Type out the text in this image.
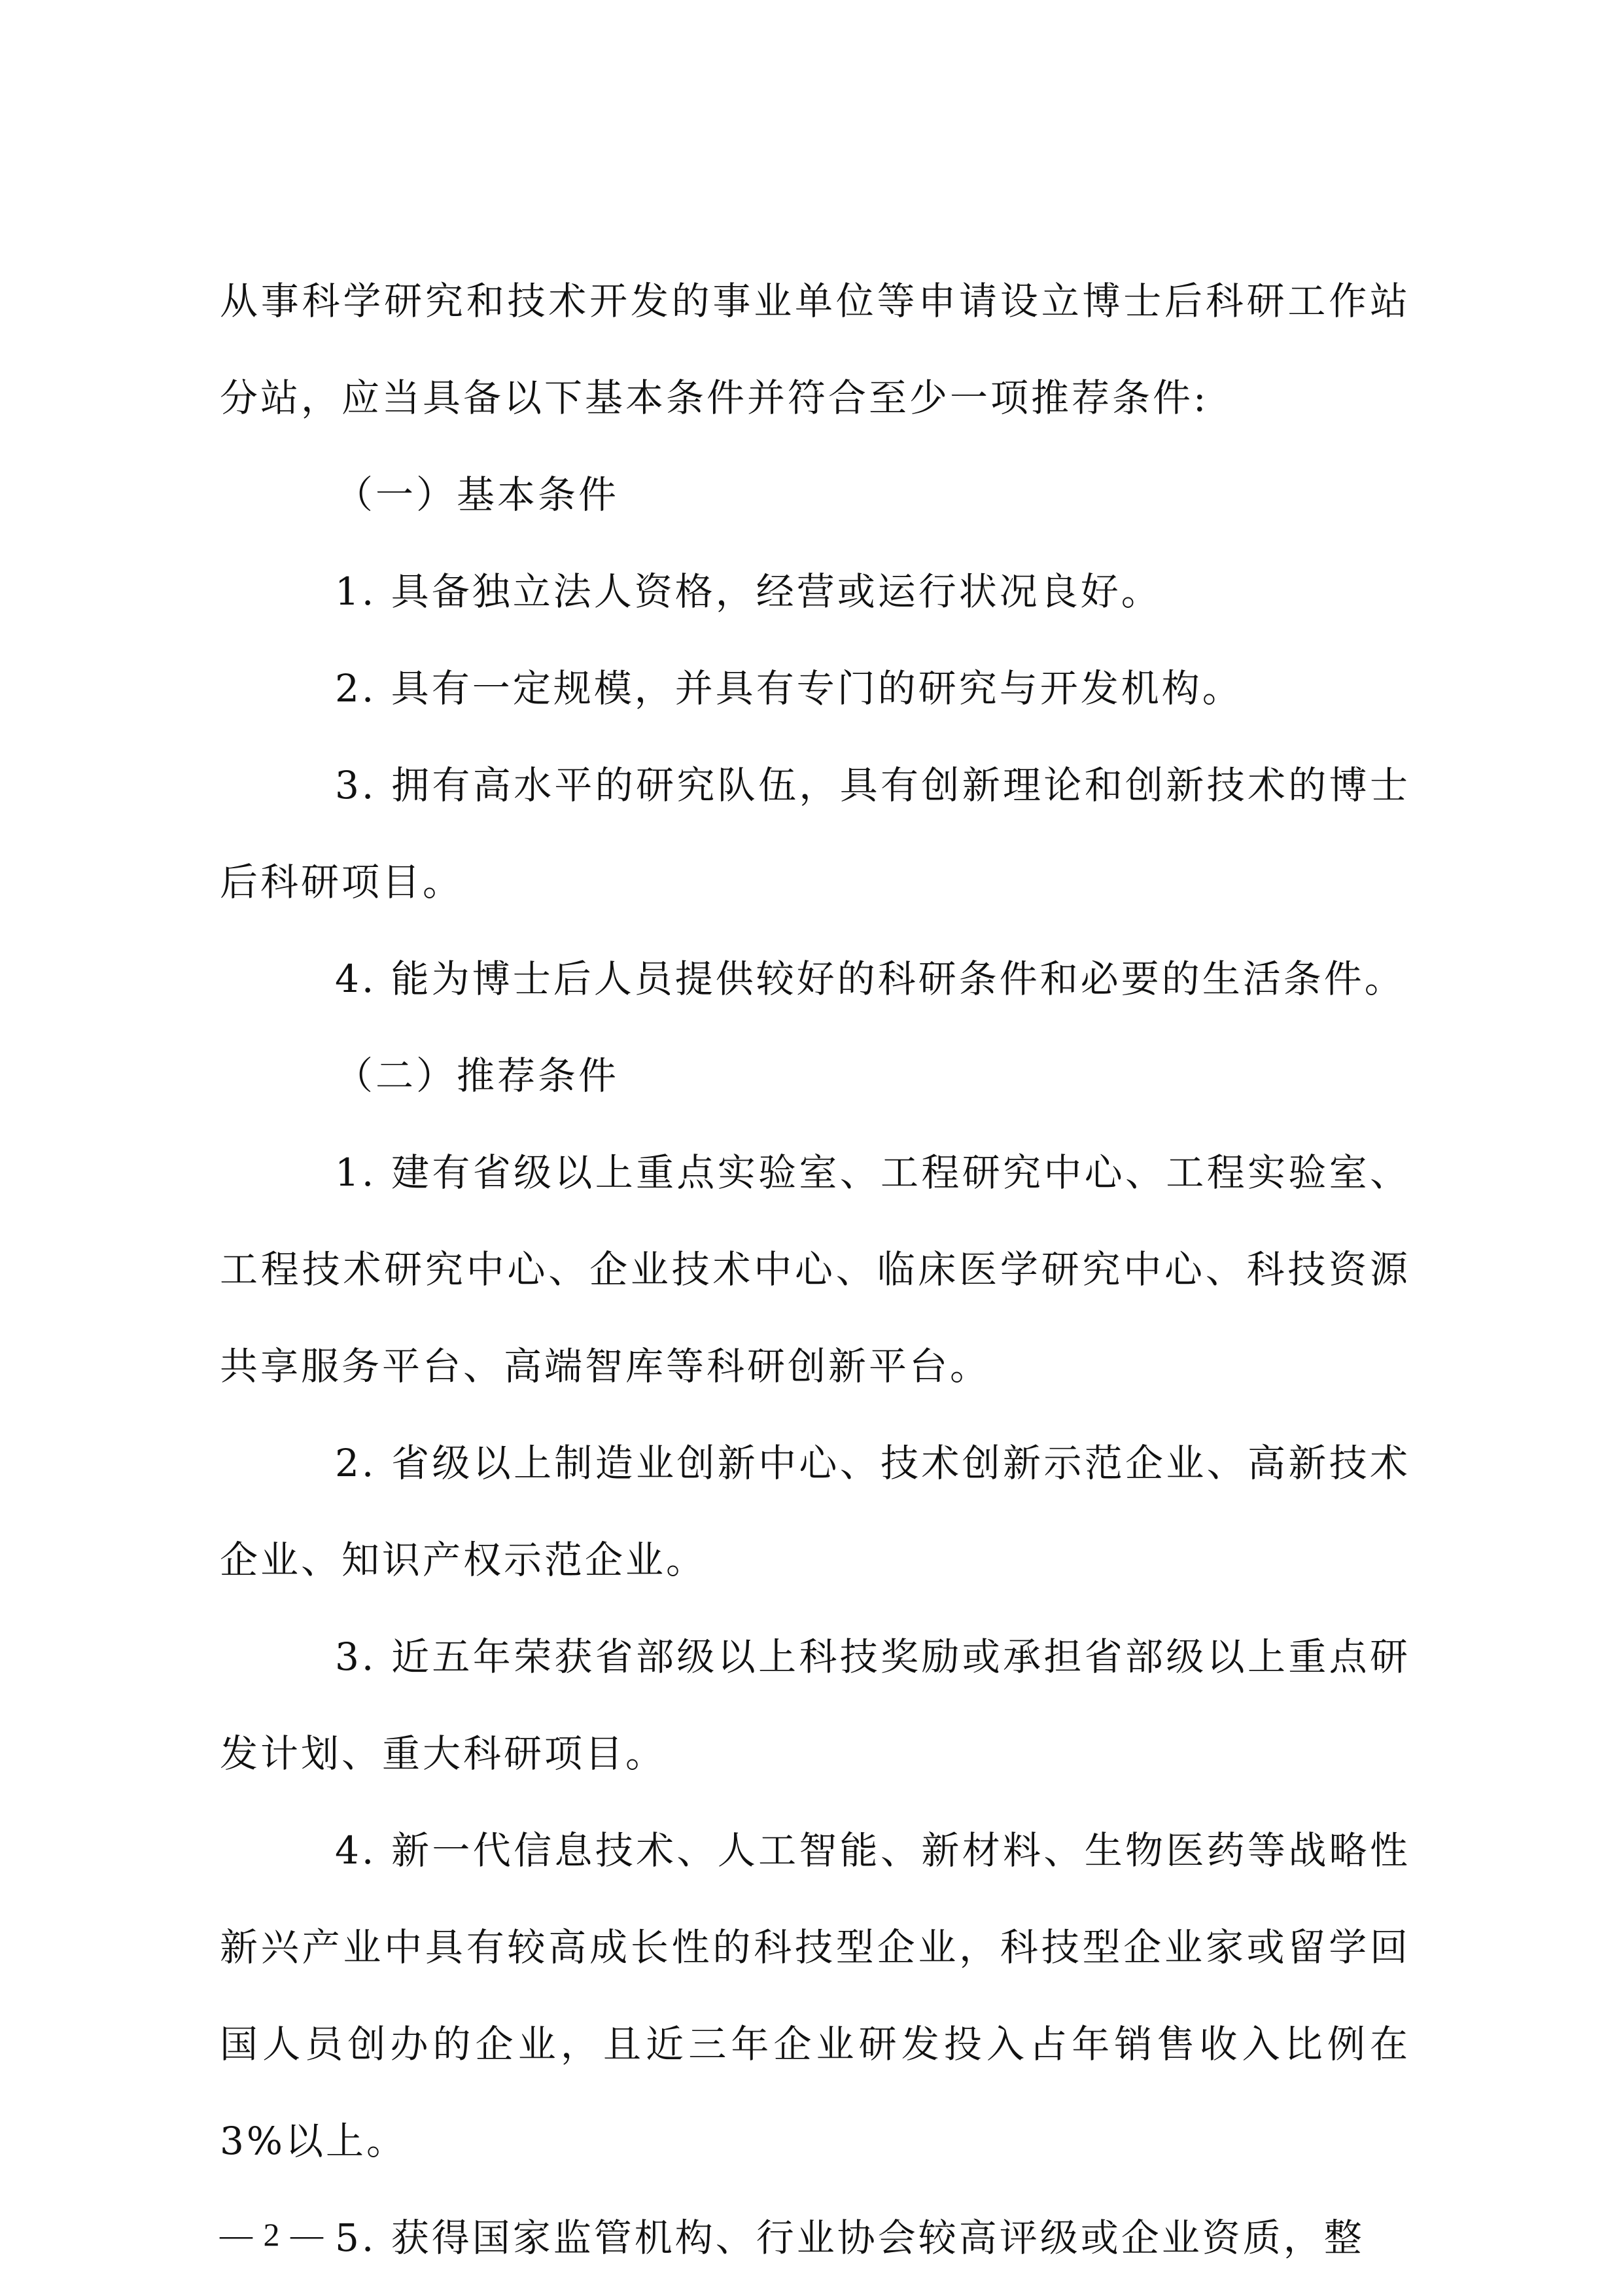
从事科学研究和技术开发的事业单位等申请设立博士后科研工作站分站，应当具备以下基本条件并符合至少一项推荐条件:

（一）基本条件

1. 具备独立法人资格，经营或运行状况良好。

2. 具有一定规模，并具有专门的研究与开发机构。

3. 拥有高水平的研究队伍，具有创新理论和创新技术的博士后科研项目。

4. 能为博士后人员提供较好的科研条件和必要的生活条件。

（二）推荐条件

1. 建有省级以上重点实验室、工程研究中心、工程实验室、工程技术研究中心、企业技术中心、临床医学研究中心、科技资源共享服务平台、高端智库等科研创新平台。

2. 省级以上制造业创新中心、技术创新示范企业、高新技术企业、知识产权示范企业。

3. 近五年荣获省部级以上科技奖励或承担省部级以上重点研发计划、重大科研项目。

4. 新一代信息技术、人工智能、新材料、生物医药等战略性新兴产业中具有较高成长性的科技型企业，科技型企业家或留学回国人员创办的企业，且近三年企业研发投入占年销售收入比例在 3%以上。

5. 获得国家监管机构、行业协会较高评级或企业资质，整

— 2 —
